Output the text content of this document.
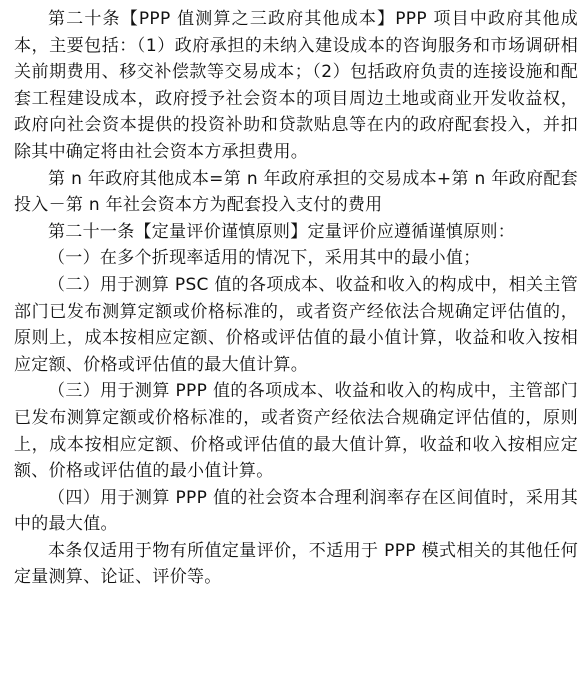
第二十条【PPP 值测算之三政府其他成本】PPP 项目中政府其他成本，主要包括：（1）政府承担的未纳入建设成本的咨询服务和市场调研相关前期费用、移交补偿款等交易成本；（2）包括政府负责的连接设施和配套工程建设成本，政府授予社会资本的项目周边土地或商业开发收益权，政府向社会资本提供的投资补助和贷款贴息等在内的政府配套投入，并扣除其中确定将由社会资本方承担费用。

第 n 年政府其他成本=第 n 年政府承担的交易成本+第 n 年政府配套投入－第 n 年社会资本方为配套投入支付的费用

第二十一条【定量评价谨慎原则】定量评价应遵循谨慎原则：

（一）在多个折现率适用的情况下，采用其中的最小值；

（二）用于测算 PSC 值的各项成本、收益和收入的构成中，相关主管部门已发布测算定额或价格标准的，或者资产经依法合规确定评估值的，原则上，成本按相应定额、价格或评估值的最小值计算，收益和收入按相应定额、价格或评估值的最大值计算。

（三）用于测算 PPP 值的各项成本、收益和收入的构成中，主管部门已发布测算定额或价格标准的，或者资产经依法合规确定评估值的，原则上，成本按相应定额、价格或评估值的最大值计算，收益和收入按相应定额、价格或评估值的最小值计算。

（四）用于测算 PPP 值的社会资本合理利润率存在区间值时，采用其中的最大值。

本条仅适用于物有所值定量评价，不适用于 PPP 模式相关的其他任何定量测算、论证、评价等。
